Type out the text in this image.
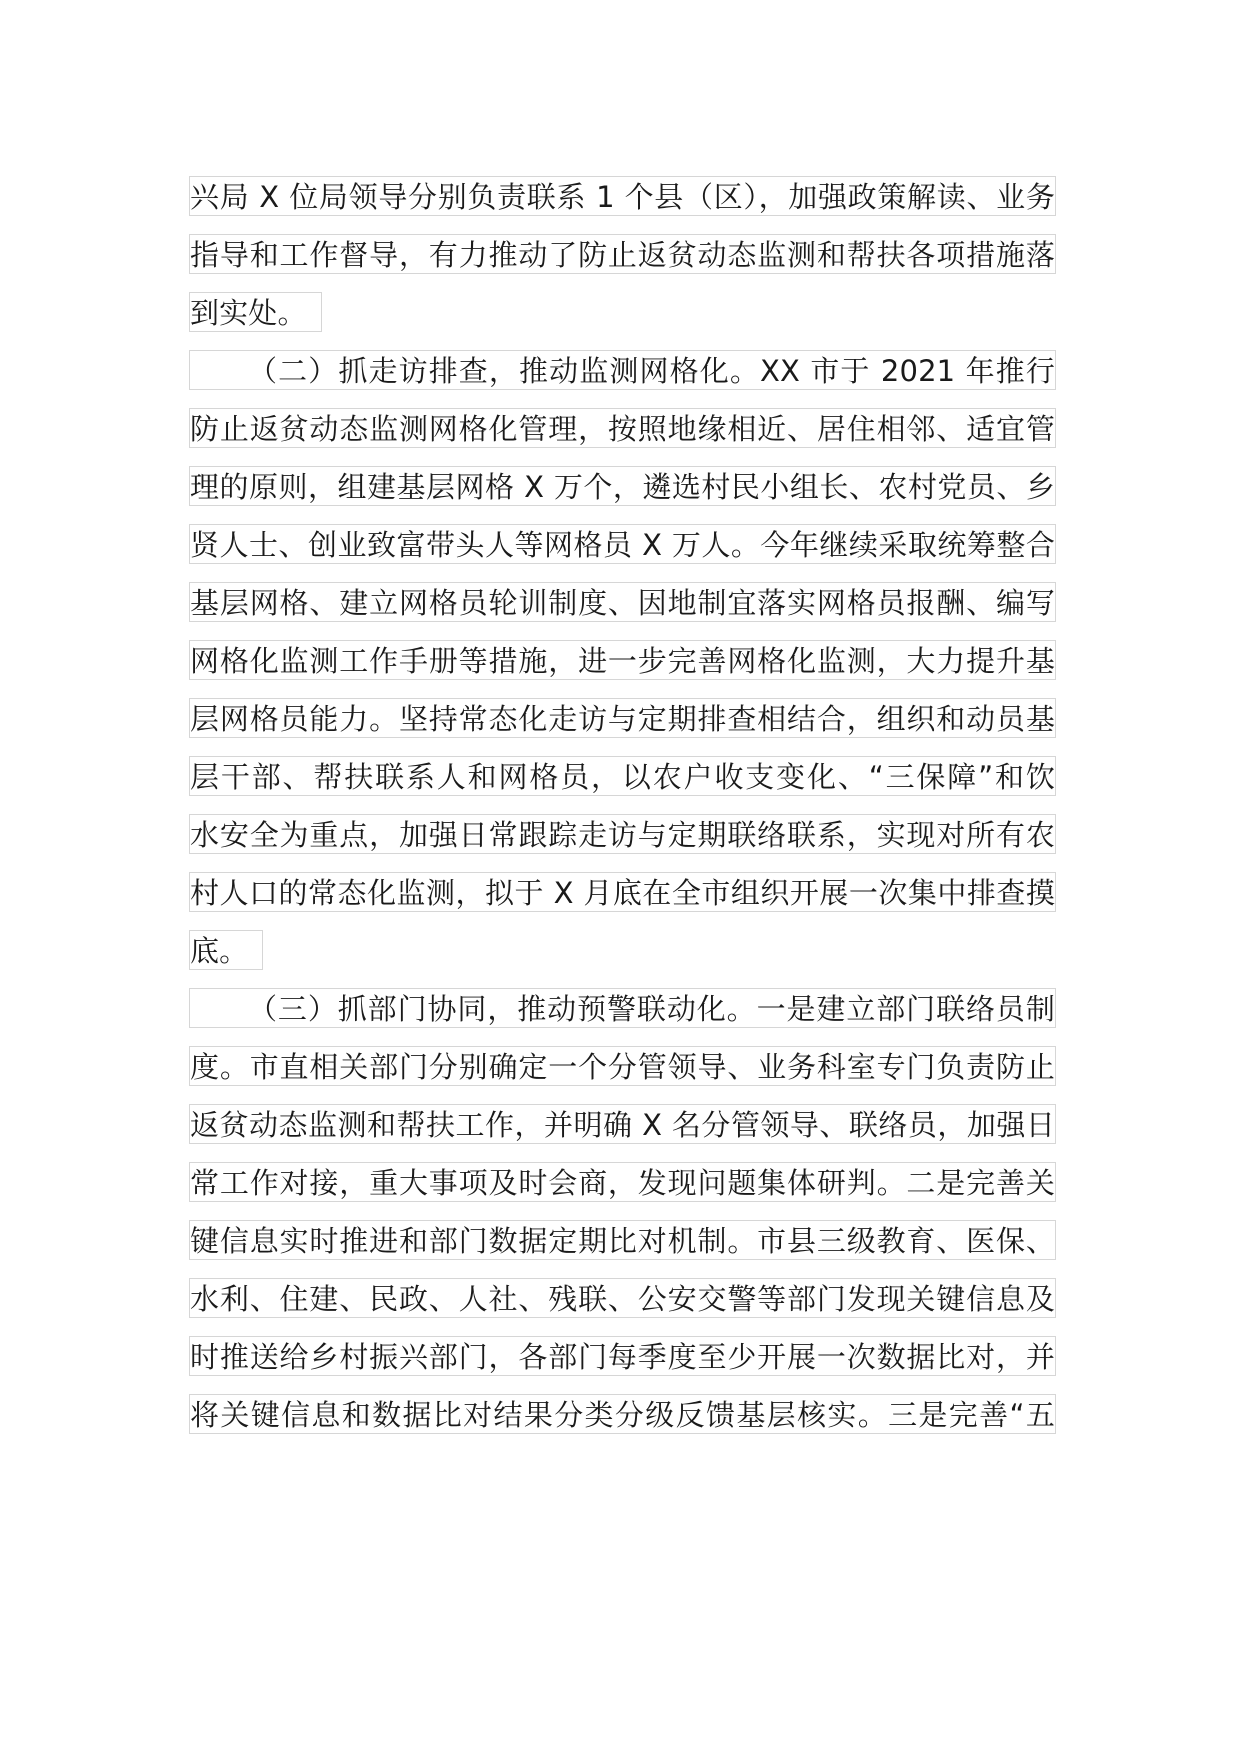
兴局 X 位局领导分别负责联系 1 个县（区），加强政策解读、业务
指导和工作督导，有力推动了防止返贫动态监测和帮扶各项措施落
到实处。
（二）抓走访排查，推动监测网格化。XX 市于 2021 年推行
防止返贫动态监测网格化管理，按照地缘相近、居住相邻、适宜管
理的原则，组建基层网格 X 万个，遴选村民小组长、农村党员、乡
贤人士、创业致富带头人等网格员 X 万人。今年继续采取统筹整合
基层网格、建立网格员轮训制度、因地制宜落实网格员报酬、编写
网格化监测工作手册等措施，进一步完善网格化监测，大力提升基
层网格员能力。坚持常态化走访与定期排查相结合，组织和动员基
层干部、帮扶联系人和网格员，以农户收支变化、“三保障”和饮
水安全为重点，加强日常跟踪走访与定期联络联系，实现对所有农
村人口的常态化监测，拟于 X 月底在全市组织开展一次集中排查摸
底。
（三）抓部门协同，推动预警联动化。一是建立部门联络员制
度。市直相关部门分别确定一个分管领导、业务科室专门负责防止
返贫动态监测和帮扶工作，并明确 X 名分管领导、联络员，加强日
常工作对接，重大事项及时会商，发现问题集体研判。二是完善关
键信息实时推进和部门数据定期比对机制。市县三级教育、医保、
水利、住建、民政、人社、残联、公安交警等部门发现关键信息及
时推送给乡村振兴部门，各部门每季度至少开展一次数据比对，并
将关键信息和数据比对结果分类分级反馈基层核实。三是完善“五
